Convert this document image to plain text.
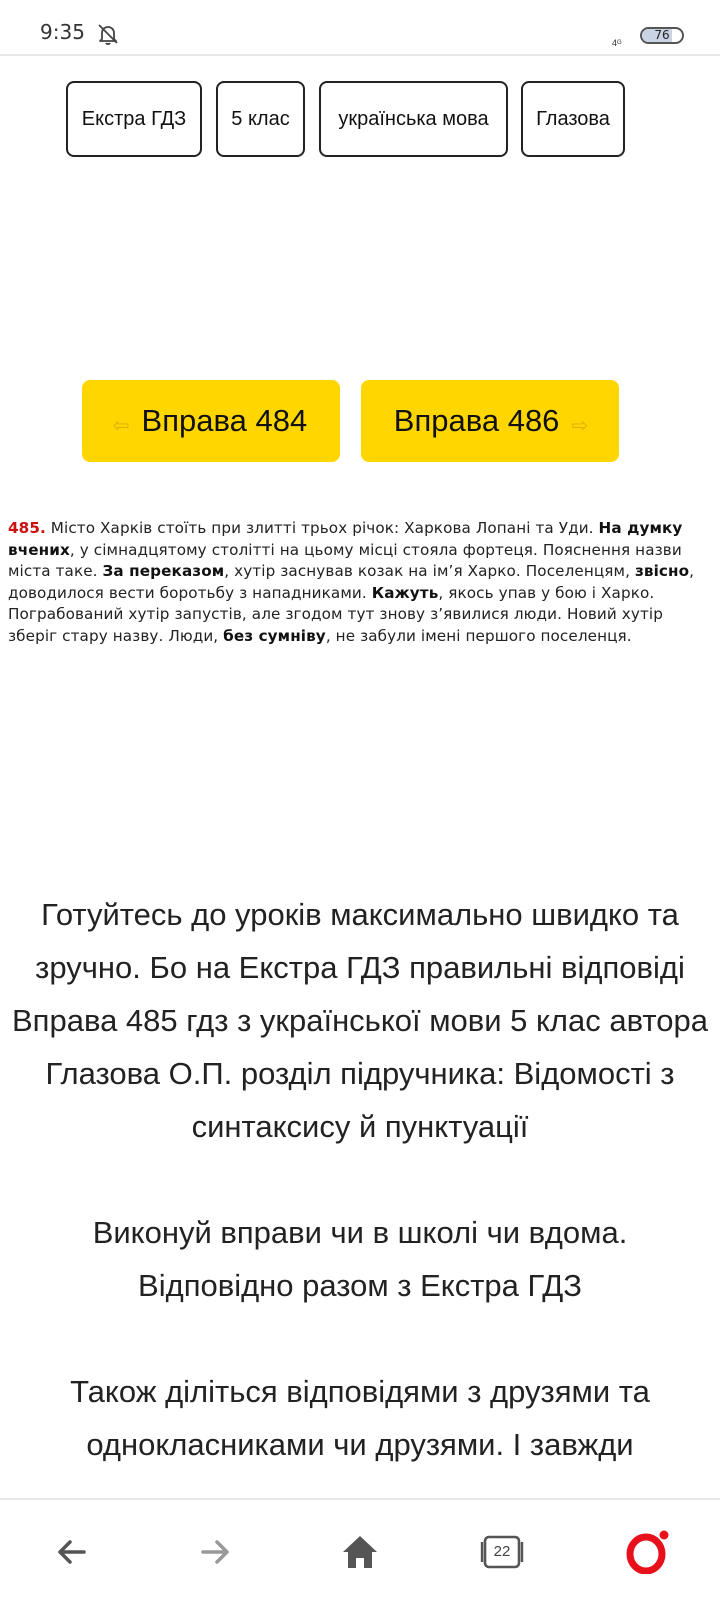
9:35	4ᴳ
76
Екстра ГДЗ	5 клас	українська мова	Глазова
⇦ Вправа 484	Вправа 486 ⇨
485. Місто Харків стоїть при злитті трьох річок: Харкова Лопані та Уди. На думку вчених, у сімнадцятому столітті на цьому місці стояла фортеця. Пояснення назви міста таке. За переказом, хутір заснував козак на ім’я Харко. Поселенцям, звісно, доводилося вести боротьбу з нападниками. Кажуть, якось упав у бою і Харко. Пограбований хутір запустів, але згодом тут знову з’явилися люди. Новий хутір зберіг стару назву. Люди, без сумніву, не забули імені першого поселенця.

Готуйтесь до уроків максимально швидко та зручно. Бо на Екстра ГДЗ правильні відповіді Вправа 485 гдз з української мови 5 клас автора Глазова О.П. розділ підручника: Відомості з синтаксису й пунктуації

Виконуй вправи чи в школі чи вдома. Відповідно разом з Екстра ГДЗ

Також діліться відповідями з друзями та однокласниками чи друзями. І завжди

22
